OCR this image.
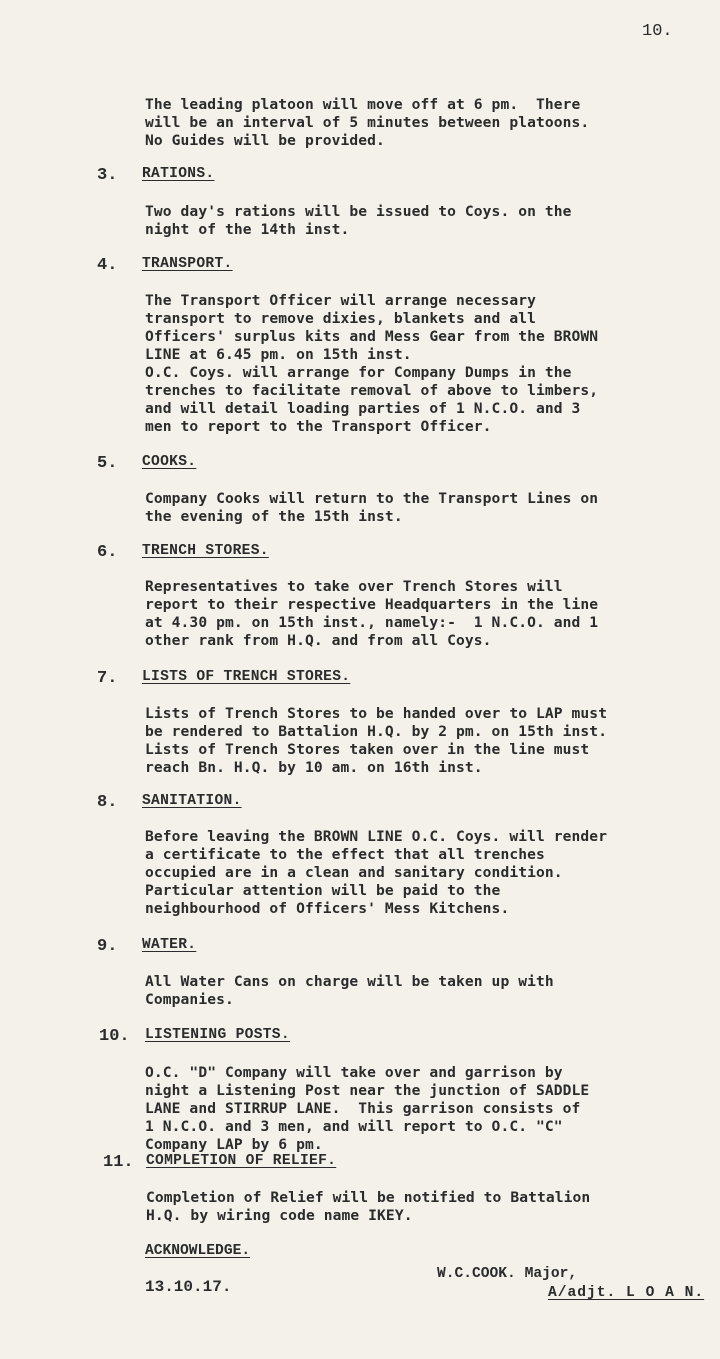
10.
The leading platoon will move off at 6 pm.  There
will be an interval of 5 minutes between platoons.
No Guides will be provided.
3. RATIONS.
Two day's rations will be issued to Coys. on the
night of the 14th inst.
4. TRANSPORT.
The Transport Officer will arrange necessary
transport to remove dixies, blankets and all
Officers' surplus kits and Mess Gear from the BROWN
LINE at 6.45 pm. on 15th inst.
O.C. Coys. will arrange for Company Dumps in the
trenches to facilitate removal of above to limbers,
and will detail loading parties of 1 N.C.O. and 3
men to report to the Transport Officer.
5. COOKS.
Company Cooks will return to the Transport Lines on
the evening of the 15th inst.
6. TRENCH STORES.
Representatives to take over Trench Stores will
report to their respective Headquarters in the line
at 4.30 pm. on 15th inst., namely:-  1 N.C.O. and 1
other rank from H.Q. and from all Coys.
7. LISTS OF TRENCH STORES.
Lists of Trench Stores to be handed over to LAP must
be rendered to Battalion H.Q. by 2 pm. on 15th inst.
Lists of Trench Stores taken over in the line must
reach Bn. H.Q. by 10 am. on 16th inst.
8. SANITATION.
Before leaving the BROWN LINE O.C. Coys. will render
a certificate to the effect that all trenches
occupied are in a clean and sanitary condition.
Particular attention will be paid to the
neighbourhood of Officers' Mess Kitchens.
9. WATER.
All Water Cans on charge will be taken up with
Companies.
10. LISTENING POSTS.
O.C. "D" Company will take over and garrison by
night a Listening Post near the junction of SADDLE
LANE and STIRRUP LANE.  This garrison consists of
1 N.C.O. and 3 men, and will report to O.C. "C"
Company LAP by 6 pm.
11. COMPLETION OF RELIEF.
Completion of Relief will be notified to Battalion
H.Q. by wiring code name IKEY.
ACKNOWLEDGE.
13.10.17.
W.C.COOK. Major,
A/adjt. L O A N.
